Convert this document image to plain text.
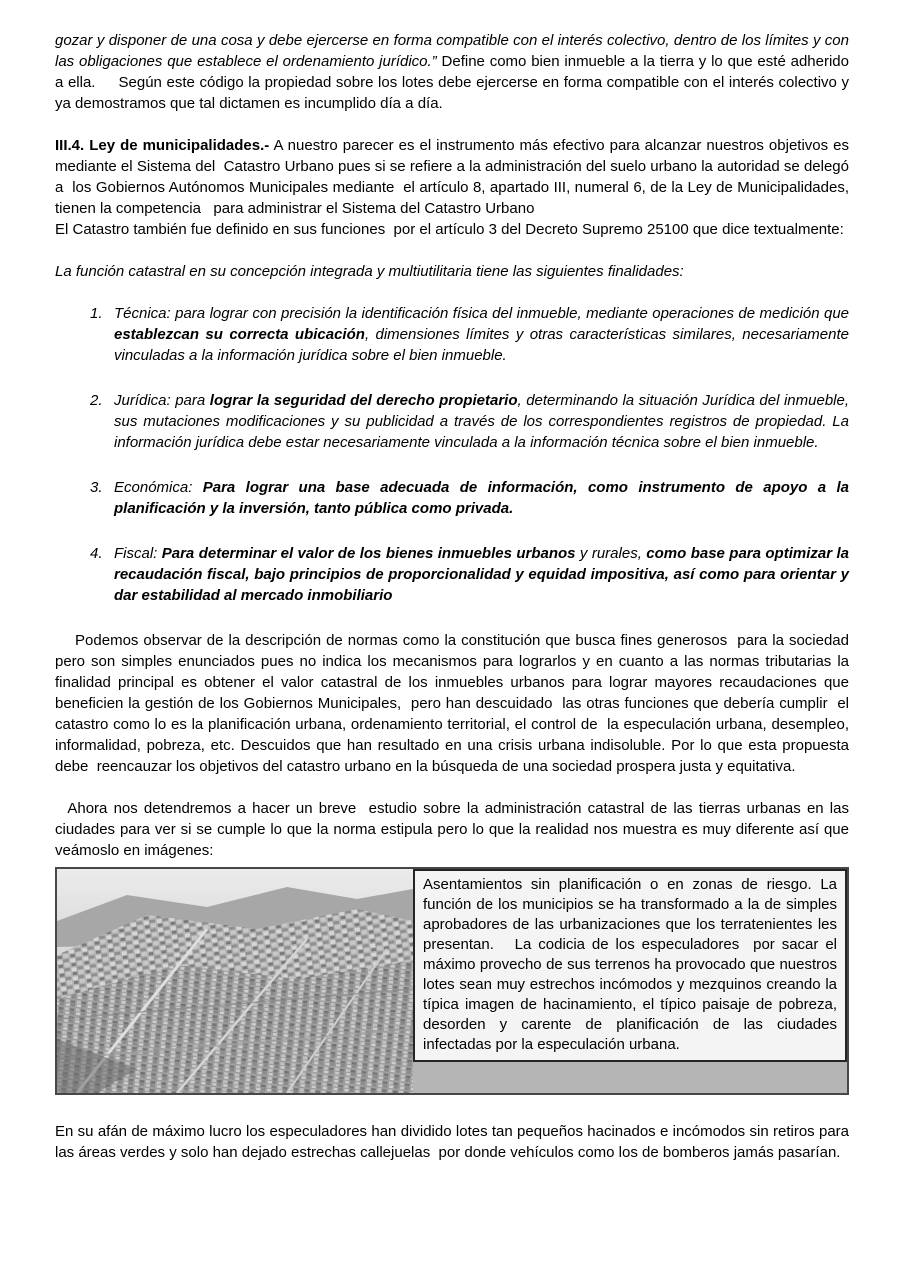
gozar y disponer de una cosa y debe ejercerse en forma compatible con el interés colectivo, dentro de los límites y con las obligaciones que establece el ordenamiento jurídico.” Define como bien inmueble a la tierra y lo que esté adherido a ella.     Según este código la propiedad sobre los lotes debe ejercerse en forma compatible con el interés colectivo y ya demostramos que tal dictamen es incumplido día a día.

III.4. Ley de municipalidades.- A nuestro parecer es el instrumento más efectivo para alcanzar nuestros objetivos es mediante el Sistema del  Catastro Urbano pues si se refiere a la administración del suelo urbano la autoridad se delegó a  los Gobiernos Autónomos Municipales mediante  el artículo 8, apartado III, numeral 6, de la Ley de Municipalidades, tienen la competencia   para administrar el Sistema del Catastro Urbano

El Catastro también fue definido en sus funciones  por el artículo 3 del Decreto Supremo 25100 que dice textualmente:

La función catastral en su concepción integrada y multiutilitaria tiene las siguientes finalidades:

1. Técnica: para lograr con precisión la identificación física del inmueble, mediante operaciones de medición que establezcan su correcta ubicación, dimensiones límites y otras características similares, necesariamente vinculadas a la información jurídica sobre el bien inmueble.
2. Jurídica: para lograr la seguridad del derecho propietario, determinando la situación Jurídica del inmueble, sus mutaciones modificaciones y su publicidad a través de los correspondientes registros de propiedad. La información jurídica debe estar necesariamente vinculada a la información técnica sobre el bien inmueble.
3. Económica: Para lograr una base adecuada de información, como instrumento de apoyo a la planificación y la inversión, tanto pública como privada.
4. Fiscal: Para determinar el valor de los bienes inmuebles urbanos y rurales, como base para optimizar la recaudación fiscal, bajo principios de proporcionalidad y equidad impositiva, así como para orientar y dar estabilidad al mercado inmobiliario

Podemos observar de la descripción de normas como la constitución que busca fines generosos  para la sociedad pero son simples enunciados pues no indica los mecanismos para lograrlos y en cuanto a las normas tributarias la finalidad principal es obtener el valor catastral de los inmuebles urbanos para lograr mayores recaudaciones que beneficien la gestión de los Gobiernos Municipales,  pero han descuidado  las otras funciones que debería cumplir  el catastro como lo es la planificación urbana, ordenamiento territorial, el control de  la especulación urbana, desempleo, informalidad, pobreza, etc. Descuidos que han resultado en una crisis urbana indisoluble. Por lo que esta propuesta debe  reencauzar los objetivos del catastro urbano en la búsqueda de una sociedad prospera justa y equitativa.

Ahora nos detendremos a hacer un breve  estudio sobre la administración catastral de las tierras urbanas en las ciudades para ver si se cumple lo que la norma estipula pero lo que la realidad nos muestra es muy diferente así que veámoslo en imágenes:

Asentamientos sin planificación o en zonas de riesgo. La función de los municipios se ha transformado a la de simples aprobadores de las urbanizaciones que los terratenientes les presentan.   La codicia de los especuladores  por sacar el máximo provecho de sus terrenos ha provocado que nuestros lotes sean muy estrechos incómodos y mezquinos creando la típica imagen de hacinamiento, el típico paisaje de pobreza, desorden y carente de planificación de las ciudades infectadas por la especulación urbana.

En su afán de máximo lucro los especuladores han dividido lotes tan pequeños hacinados e incómodos sin retiros para las áreas verdes y solo han dejado estrechas callejuelas  por donde vehículos como los de bomberos jamás pasarían.
